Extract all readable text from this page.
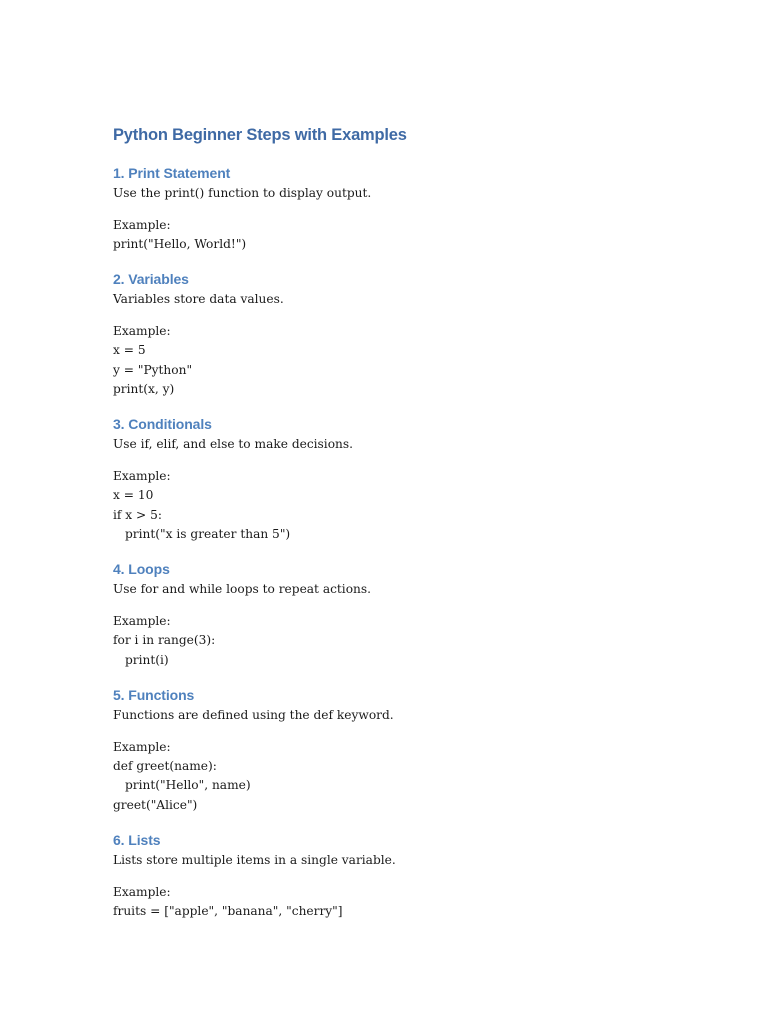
Python Beginner Steps with Examples
1. Print Statement

Use the print() function to display output.

Example:
print("Hello, World!")
2. Variables

Variables store data values.

Example:
x = 5
y = "Python"
print(x, y)
3. Conditionals

Use if, elif, and else to make decisions.

Example:
x = 10
if x > 5:
print("x is greater than 5")
4. Loops

Use for and while loops to repeat actions.

Example:
for i in range(3):
print(i)
5. Functions

Functions are defined using the def keyword.

Example:
def greet(name):
print("Hello", name)
greet("Alice")
6. Lists

Lists store multiple items in a single variable.

Example:
fruits = ["apple", "banana", "cherry"]
